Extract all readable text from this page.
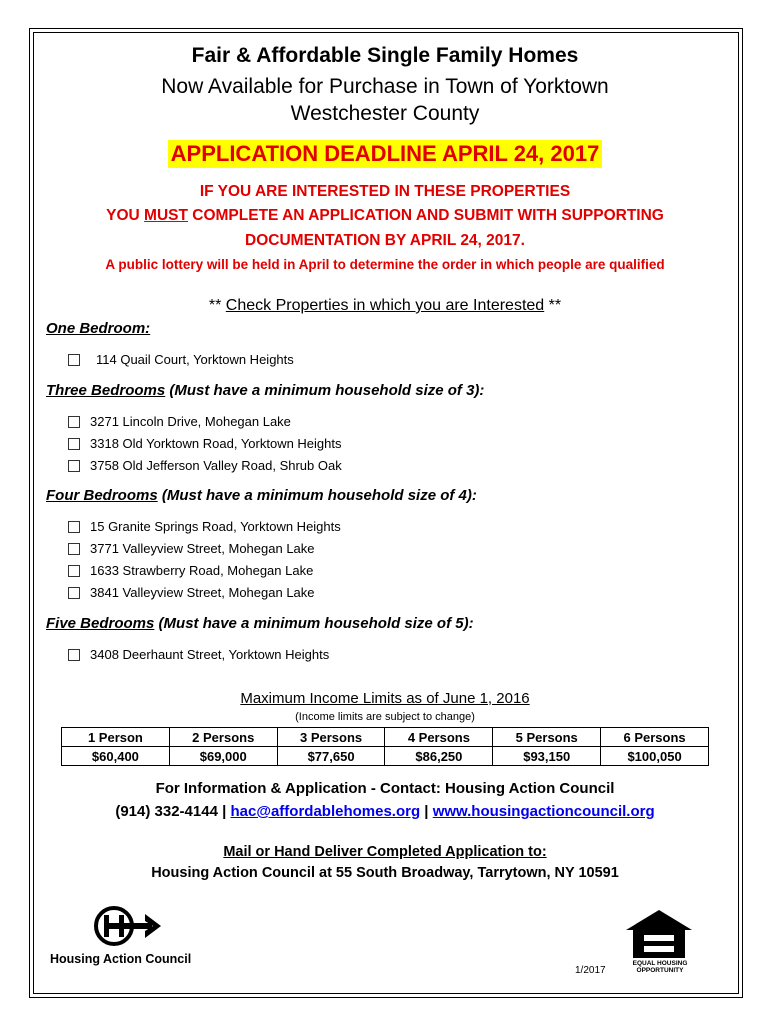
Fair & Affordable Single Family Homes
Now Available for Purchase in Town of Yorktown
Westchester County
APPLICATION DEADLINE APRIL 24, 2017
IF YOU ARE INTERESTED IN THESE PROPERTIES
YOU MUST COMPLETE AN APPLICATION AND SUBMIT WITH SUPPORTING
DOCUMENTATION BY APRIL 24, 2017.
A public lottery will be held in April to determine the order in which people are qualified
** Check Properties in which you are Interested **
One Bedroom:
114 Quail Court, Yorktown Heights
Three Bedrooms (Must have a minimum household size of 3):
3271 Lincoln Drive, Mohegan Lake
3318 Old Yorktown Road, Yorktown Heights
3758 Old Jefferson Valley Road, Shrub Oak
Four Bedrooms (Must have a minimum household size of 4):
15 Granite Springs Road, Yorktown Heights
3771 Valleyview Street, Mohegan Lake
1633 Strawberry Road, Mohegan Lake
3841 Valleyview Street, Mohegan Lake
Five Bedrooms (Must have a minimum household size of 5):
3408 Deerhaunt Street, Yorktown Heights
Maximum Income Limits as of June 1, 2016
(Income limits are subject to change)
1 Person	2 Persons	3 Persons	4 Persons	5 Persons	6 Persons
$60,400	$69,000	$77,650	$86,250	$93,150	$100,050
For Information & Application - Contact: Housing Action Council
(914) 332-4144 | hac@affordablehomes.org | www.housingactioncouncil.org
Mail or Hand Deliver Completed Application to:
Housing Action Council at 55 South Broadway, Tarrytown, NY 10591
Housing Action Council
1/2017
EQUAL HOUSING
OPPORTUNITY
